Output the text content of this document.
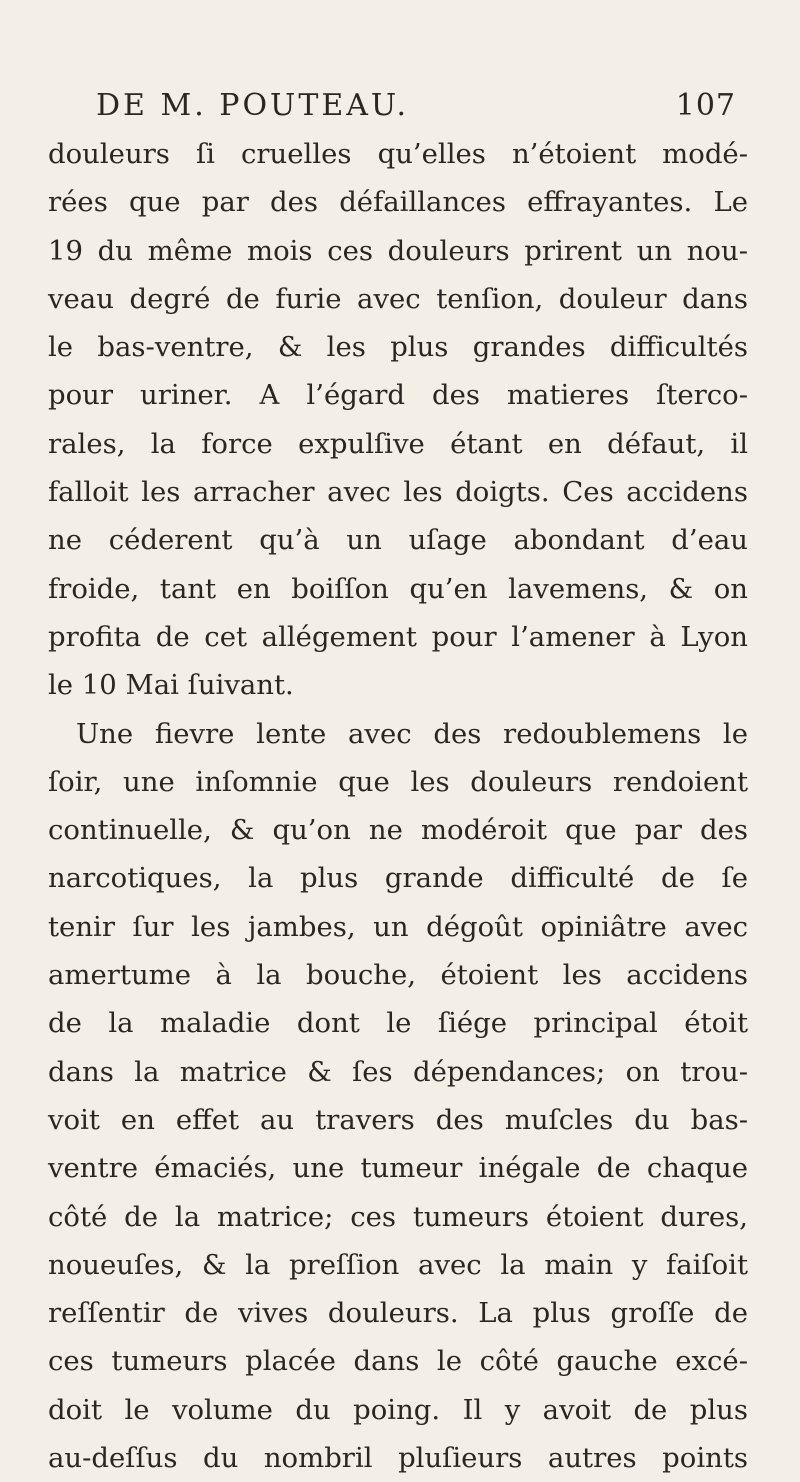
DE M. POUTEAU.	107
douleurs ſi cruelles qu’elles n’étoient modé-
rées que par des défaillances effrayantes. Le
19 du même mois ces douleurs prirent un nou-
veau degré de furie avec tenſion, douleur dans
le bas-ventre, & les plus grandes difficultés
pour uriner. A l’égard des matieres ſterco-
rales, la force expulſive étant en défaut, il
falloit les arracher avec les doigts. Ces accidens
ne céderent qu’à un uſage abondant d’eau
froide, tant en boiſſon qu’en lavemens, & on
profita de cet allégement pour l’amener à Lyon
le 10 Mai ſuivant.
Une fievre lente avec des redoublemens le
ſoir, une inſomnie que les douleurs rendoient
continuelle, & qu’on ne modéroit que par des
narcotiques, la plus grande difficulté de ſe
tenir ſur les jambes, un dégoût opiniâtre avec
amertume à la bouche, étoient les accidens
de la maladie dont le ſiége principal étoit
dans la matrice & ſes dépendances; on trou-
voit en effet au travers des muſcles du bas-
ventre émaciés, une tumeur inégale de chaque
côté de la matrice; ces tumeurs étoient dures,
noueuſes, & la preſſion avec la main y faiſoit
reſſentir de vives douleurs. La plus groſſe de
ces tumeurs placée dans le côté gauche excé-
doit le volume du poing. Il y avoit de plus
au-deſſus du nombril pluſieurs autres points
